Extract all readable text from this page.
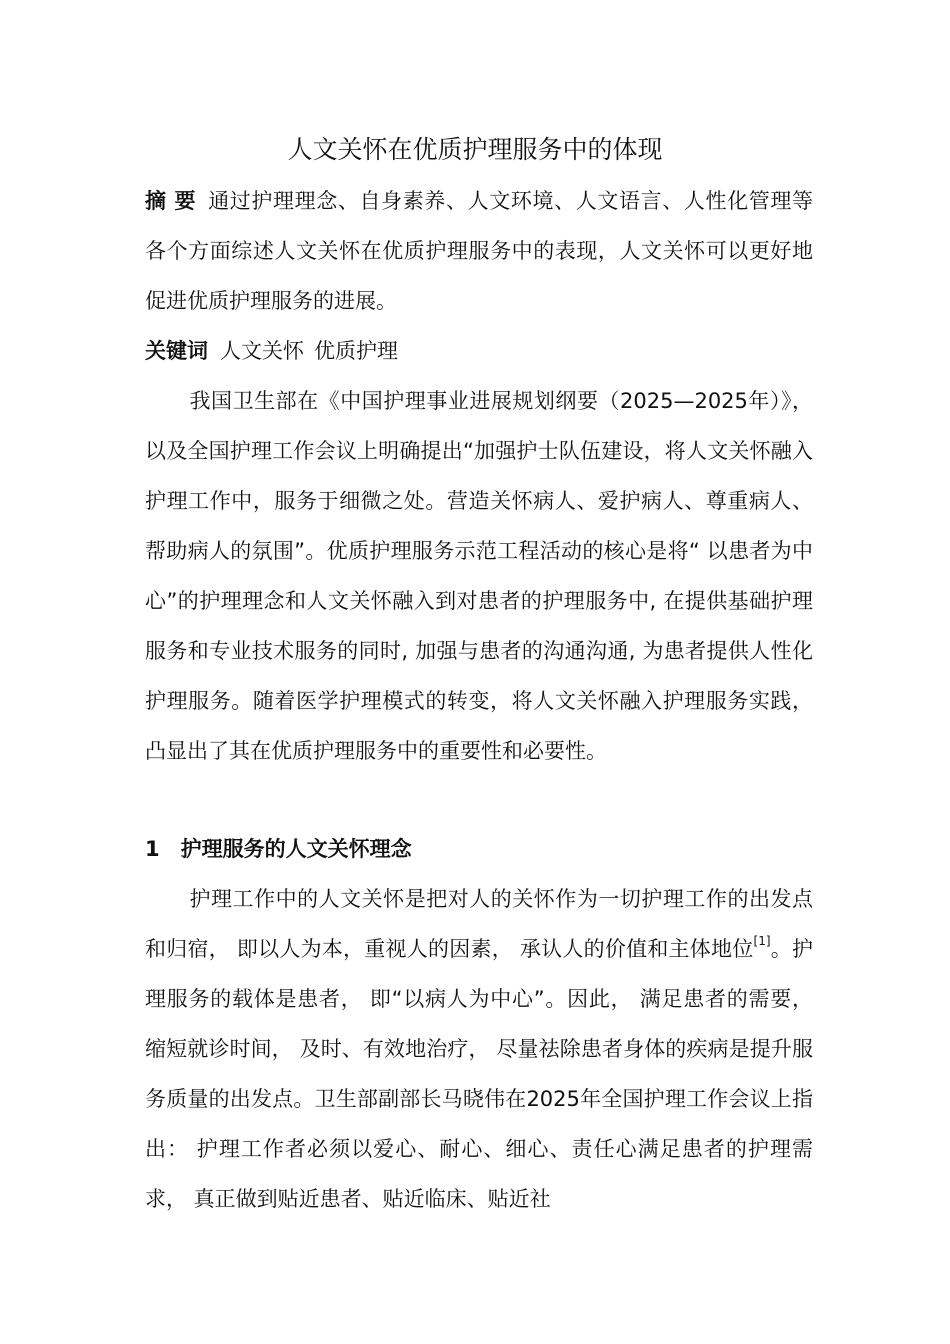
人文关怀在优质护理服务中的体现
摘 要 通过护理理念、自身素养、人文环境、人文语言、人性化管理等各个方面综述人文关怀在优质护理服务中的表现，人文关怀可以更好地促进优质护理服务的进展。
关键词 人文关怀 优质护理
我国卫生部在《中国护理事业进展规划纲要（2025—2025年）》，以及全国护理工作会议上明确提出“加强护士队伍建设，将人文关怀融入护理工作中，服务于细微之处。营造关怀病人、爱护病人、尊重病人、帮助病人的氛围”。优质护理服务示范工程活动的核心是将“ 以患者为中心”的护理理念和人文关怀融入到对患者的护理服务中, 在提供基础护理服务和专业技术服务的同时, 加强与患者的沟通沟通, 为患者提供人性化护理服务。随着医学护理模式的转变，将人文关怀融入护理服务实践，凸显出了其在优质护理服务中的重要性和必要性。
1　护理服务的人文关怀理念
护理工作中的人文关怀是把对人的关怀作为一切护理工作的出发点和归宿， 即以人为本，重视人的因素， 承认人的价值和主体地位[1]。护理服务的载体是患者， 即“以病人为中心”。因此， 满足患者的需要， 缩短就诊时间， 及时、有效地治疗， 尽量祛除患者身体的疾病是提升服务质量的出发点。卫生部副部长马晓伟在2025年全国护理工作会议上指出： 护理工作者必须以爱心、耐心、细心、责任心满足患者的护理需求， 真正做到贴近患者、贴近临床、贴近社
